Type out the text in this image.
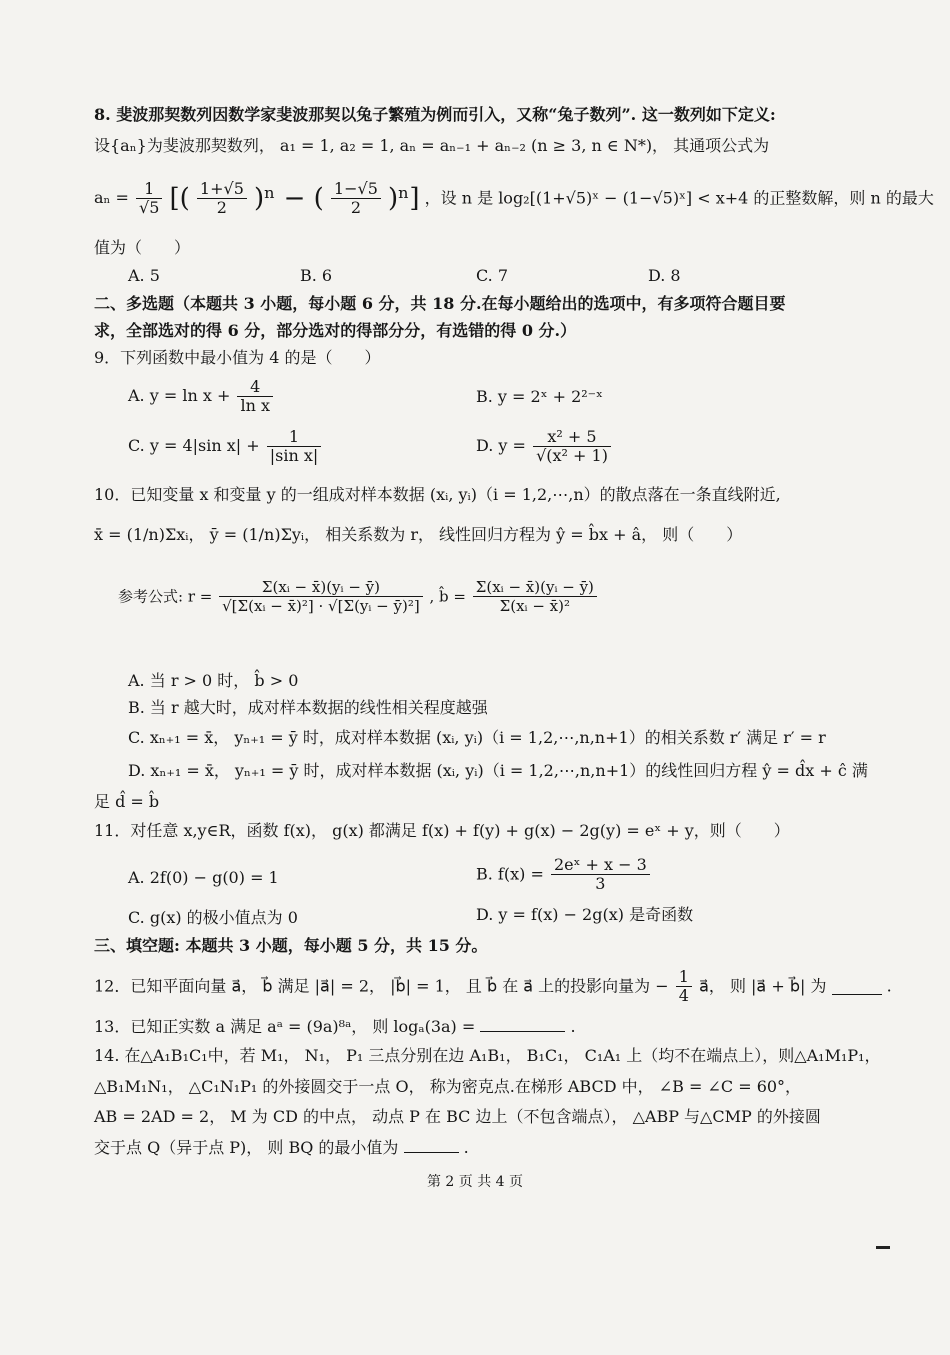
8. 斐波那契数列因数学家斐波那契以兔子繁殖为例而引入，又称“兔子数列”. 这一数列如下定义:
设{aₙ}为斐波那契数列， a₁ = 1, a₂ = 1, aₙ = aₙ₋₁ + aₙ₋₂ (n ≥ 3, n ∈ N*)， 其通项公式为
$a_n = \frac{1}{√5}$ [( $\frac{1+√5}{2} )^n$ − ( $\frac{1-√5}{2} )^n$] ，设 n 是 log₂[(1+√5)ˣ − (1−√5)ˣ] < x+4 的正整数解，则 n 的最大
值为（　　）
A. 5	B. 6	C. 7	D. 8
二、多选题（本题共 3 小题，每小题 6 分，共 18 分.在每小题给出的选项中，有多项符合题目要
求，全部选对的得 6 分，部分选对的得部分分，有选错的得 0 分.）
9．下列函数中最小值为 4 的是（　　）
A. $y = \ln x + \frac{4}{\text{ln x}}$	B. y = 2ˣ + 2²⁻ˣ
C. y = 4|sin $x| + \frac{1}{\text{|sin x|}}$	D. $y = \frac{\text{x² + 5}}{\text{√(x² + 1)}}$
10．已知变量 x 和变量 y 的一组成对样本数据 (xᵢ, yᵢ)（i = 1,2,⋯,n）的散点落在一条直线附近,
x̄ = (1/n)Σxᵢ， ȳ = (1/n)Σyᵢ， 相关系数为 r， 线性回归方程为 ŷ = b̂x + â， 则（　　）
参考公式: $r = \frac{\text{Σ(xᵢ − x̄)(yᵢ − ȳ)}}{\text{√[Σ(xᵢ − x̄)²] · √[Σ(yᵢ − ȳ)²]}}$ , b̂ = $\frac{\text{Σ(xᵢ − x̄)(yᵢ − ȳ)}}{\text{Σ(xᵢ − x̄)²}}$
A. 当 r > 0 时， b̂ > 0
B. 当 r 越大时，成对样本数据的线性相关程度越强
C. xₙ₊₁ = x̄， yₙ₊₁ = ȳ 时，成对样本数据 (xᵢ, yᵢ)（i = 1,2,⋯,n,n+1）的相关系数 r′ 满足 r′ = r
D. xₙ₊₁ = x̄， yₙ₊₁ = ȳ 时，成对样本数据 (xᵢ, yᵢ)（i = 1,2,⋯,n,n+1）的线性回归方程 ŷ = d̂x + ĉ 满
足 d̂ = b̂
11．对任意 x,y∈R，函数 f(x)， g(x) 都满足 f(x) + f(y) + g(x) − 2g(y) = eˣ + y，则（　　）
A. 2f(0) − g(0) = 1	B. $f(x) = \frac{\text{2eˣ + x − 3}}{3}$
C. g(x) 的极小值点为 0	D. y = f(x) − 2g(x) 是奇函数
三、填空题: 本题共 3 小题，每小题 5 分，共 15 分。
12．已知平面向量 a⃗， b⃗ 满足 |a⃗| = 2， |b⃗| = 1， 且 b⃗ 在 a⃗ 上的投影向量为 − $\frac{1}{4}$ a⃗， 则 |a⃗ + b⃗| 为	.
13．已知正实数 a 满足 aᵃ = (9a)⁸ᵃ， 则 logₐ(3a) =	.
14. 在△A₁B₁C₁中，若 M₁， N₁， P₁ 三点分别在边 A₁B₁， B₁C₁， C₁A₁ 上（均不在端点上），则△A₁M₁P₁，
△B₁M₁N₁， △C₁N₁P₁ 的外接圆交于一点 O， 称为密克点.在梯形 ABCD 中， ∠B = ∠C = 60°，
AB = 2AD = 2， M 为 CD 的中点， 动点 P 在 BC 边上（不包含端点）， △ABP 与△CMP 的外接圆
交于点 Q（异于点 P)， 则 BQ 的最小值为	.
第 2 页 共 4 页
